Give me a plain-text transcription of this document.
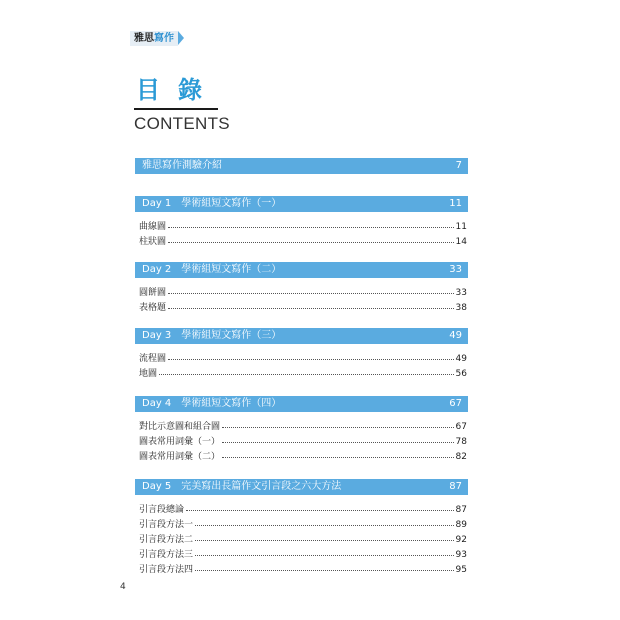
雅思寫作
目錄
CONTENTS
雅思寫作測驗介紹	7
Day 1　學術組短文寫作（一）	11
曲線圖	11
柱狀圖	14
Day 2　學術組短文寫作（二）	33
圓餅圖	33
表格題	38
Day 3　學術組短文寫作（三）	49
流程圖	49
地圖	56
Day 4　學術組短文寫作（四）	67
對比示意圖和組合圖	67
圖表常用詞彙（一）	78
圖表常用詞彙（二）	82
Day 5　完美寫出長篇作文引言段之六大方法	87
引言段總論	87
引言段方法一	89
引言段方法二	92
引言段方法三	93
引言段方法四	95
4
